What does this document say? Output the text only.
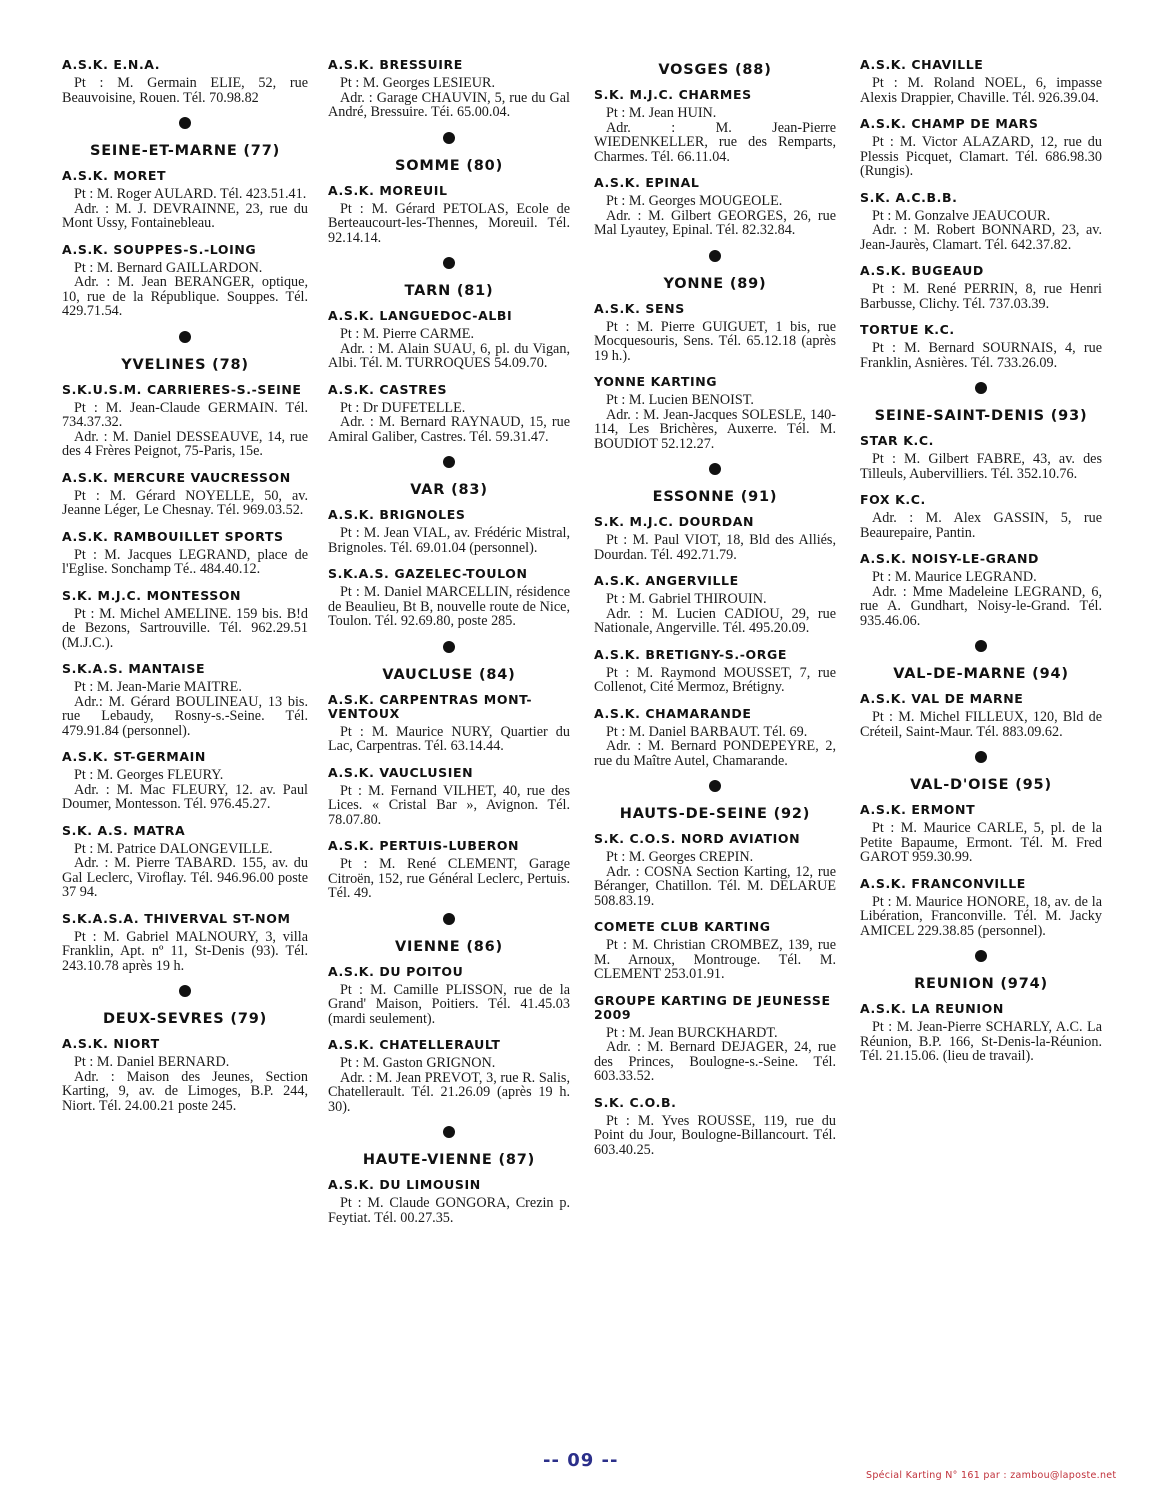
A.S.K. E.N.A.

Pt : M. Germain ELIE, 52, rue Beauvoisine, Rouen. Tél. 70.98.82

SEINE-ET-MARNE (77)
A.S.K. MORET

Pt : M. Roger AULARD. Tél. 423.51.41.

Adr. : M. J. DEVRAINNE, 23, rue du Mont Ussy, Fontainebleau.

A.S.K. SOUPPES-S.-LOING

Pt : M. Bernard GAILLARDON.

Adr. : M. Jean BERANGER, optique, 10, rue de la République. Souppes. Tél. 429.71.54.

YVELINES (78)
S.K.U.S.M. CARRIERES-S.-SEINE

Pt : M. Jean-Claude GERMAIN. Tél. 734.37.32.

Adr. : M. Daniel DESSEAUVE, 14, rue des 4 Frères Peignot, 75-Paris, 15e.

A.S.K. MERCURE VAUCRESSON

Pt : M. Gérard NOYELLE, 50, av. Jeanne Léger, Le Chesnay. Tél. 969.03.52.

A.S.K. RAMBOUILLET SPORTS

Pt : M. Jacques LEGRAND, place de l'Eglise. Sonchamp Té.. 484.40.12.

S.K. M.J.C. MONTESSON

Pt : M. Michel AMELINE. 159 bis. B!d de Bezons, Sartrouville. Tél. 962.29.51 (M.J.C.).

S.K.A.S. MANTAISE

Pt : M. Jean-Marie MAITRE.

Adr.: M. Gérard BOULINEAU, 13 bis. rue Lebaudy, Rosny-s.-Seine. Tél. 479.91.84 (personnel).

A.S.K. ST-GERMAIN

Pt : M. Georges FLEURY.

Adr. : M. Mac FLEURY, 12. av. Paul Doumer, Montesson. Tél. 976.45.27.

S.K. A.S. MATRA

Pt : M. Patrice DALONGEVILLE.

Adr. : M. Pierre TABARD. 155, av. du Gal Leclerc, Viroflay. Tél. 946.96.00 poste 37 94.

S.K.A.S.A. THIVERVAL ST-NOM

Pt : M. Gabriel MALNOURY, 3, villa Franklin, Apt. nº 11, St-Denis (93). Tél. 243.10.78 après 19 h.

DEUX-SEVRES (79)
A.S.K. NIORT

Pt : M. Daniel BERNARD.

Adr. : Maison des Jeunes, Section Karting, 9, av. de Limoges, B.P. 244, Niort. Tél. 24.00.21 poste 245.

A.S.K. BRESSUIRE

Pt : M. Georges LESIEUR.

Adr. : Garage CHAUVIN, 5, rue du Gal André, Bressuire. Téi. 65.00.04.

SOMME (80)
A.S.K. MOREUIL

Pt : M. Gérard PETOLAS, Ecole de Berteaucourt-les-Thennes, Moreuil. Tél. 92.14.14.

TARN (81)
A.S.K. LANGUEDOC-ALBI

Pt : M. Pierre CARME.

Adr. : M. Alain SUAU, 6, pl. du Vigan, Albi. Tél. M. TURROQUES 54.09.70.

A.S.K. CASTRES

Pt : Dr DUFETELLE.

Adr. : M. Bernard RAYNAUD, 15, rue Amiral Galiber, Castres. Tél. 59.31.47.

VAR (83)
A.S.K. BRIGNOLES

Pt : M. Jean VIAL, av. Frédéric Mistral, Brignoles. Tél. 69.01.04 (personnel).

S.K.A.S. GAZELEC-TOULON

Pt : M. Daniel MARCELLIN, résidence de Beaulieu, Bt B, nouvelle route de Nice, Toulon. Tél. 92.69.80, poste 285.

VAUCLUSE (84)
A.S.K. CARPENTRAS MONT-VENTOUX

Pt : M. Maurice NURY, Quartier du Lac, Carpentras. Tél. 63.14.44.

A.S.K. VAUCLUSIEN

Pt : M. Fernand VILHET, 40, rue des Lices. « Cristal Bar », Avignon. Tél. 78.07.80.

A.S.K. PERTUIS-LUBERON

Pt : M. René CLEMENT, Garage Citroën, 152, rue Général Leclerc, Pertuis. Tél. 49.

VIENNE (86)
A.S.K. DU POITOU

Pt : M. Camille PLISSON, rue de la Grand' Maison, Poitiers. Tél. 41.45.03 (mardi seulement).

A.S.K. CHATELLERAULT

Pt : M. Gaston GRIGNON.

Adr. : M. Jean PREVOT, 3, rue R. Salis, Chatellerault. Tél. 21.26.09 (après 19 h. 30).

HAUTE-VIENNE (87)
A.S.K. DU LIMOUSIN

Pt : M. Claude GONGORA, Crezin p. Feytiat. Tél. 00.27.35.

VOSGES (88)
S.K. M.J.C. CHARMES

Pt : M. Jean HUIN.

Adr. : M. Jean-Pierre WIEDENKELLER, rue des Remparts, Charmes. Tél. 66.11.04.

A.S.K. EPINAL

Pt : M. Georges MOUGEOLE.

Adr. : M. Gilbert GEORGES, 26, rue Mal Lyautey, Epinal. Tél. 82.32.84.

YONNE (89)
A.S.K. SENS

Pt : M. Pierre GUIGUET, 1 bis, rue Mocquesouris, Sens. Tél. 65.12.18 (après 19 h.).

YONNE KARTING

Pt : M. Lucien BENOIST.

Adr. : M. Jean-Jacques SOLESLE, 140-114, Les Brichères, Auxerre. Tél. M. BOUDIOT 52.12.27.

ESSONNE (91)
S.K. M.J.C. DOURDAN

Pt : M. Paul VIOT, 18, Bld des Alliés, Dourdan. Tél. 492.71.79.

A.S.K. ANGERVILLE

Pt : M. Gabriel THIROUIN.

Adr. : M. Lucien CADIOU, 29, rue Nationale, Angerville. Tél. 495.20.09.

A.S.K. BRETIGNY-S.-ORGE

Pt : M. Raymond MOUSSET, 7, rue Collenot, Cité Mermoz, Brétigny.

A.S.K. CHAMARANDE

Pt : M. Daniel BARBAUT. Tél. 69.

Adr. : M. Bernard PONDEPEYRE, 2, rue du Maître Autel, Chamarande.

HAUTS-DE-SEINE (92)
S.K. C.O.S. NORD AVIATION

Pt : M. Georges CREPIN.

Adr. : COSNA Section Karting, 12, rue Béranger, Chatillon. Tél. M. DELARUE 508.83.19.

COMETE CLUB KARTING

Pt : M. Christian CROMBEZ, 139, rue M. Arnoux, Montrouge. Tél. M. CLEMENT 253.01.91.

GROUPE KARTING DE JEUNESSE 2009

Pt : M. Jean BURCKHARDT.

Adr. : M. Bernard DEJAGER, 24, rue des Princes, Boulogne-s.-Seine. Tél. 603.33.52.

S.K. C.O.B.

Pt : M. Yves ROUSSE, 119, rue du Point du Jour, Boulogne-Billancourt. Tél. 603.40.25.

A.S.K. CHAVILLE

Pt : M. Roland NOEL, 6, impasse Alexis Drappier, Chaville. Tél. 926.39.04.

A.S.K. CHAMP DE MARS

Pt : M. Victor ALAZARD, 12, rue du Plessis Picquet, Clamart. Tél. 686.98.30 (Rungis).

S.K. A.C.B.B.

Pt : M. Gonzalve JEAUCOUR.

Adr. : M. Robert BONNARD, 23, av. Jean-Jaurès, Clamart. Tél. 642.37.82.

A.S.K. BUGEAUD

Pt : M. René PERRIN, 8, rue Henri Barbusse, Clichy. Tél. 737.03.39.

TORTUE K.C.

Pt : M. Bernard SOURNAIS, 4, rue Franklin, Asnières. Tél. 733.26.09.

SEINE-SAINT-DENIS (93)
STAR K.C.

Pt : M. Gilbert FABRE, 43, av. des Tilleuls, Aubervilliers. Tél. 352.10.76.

FOX K.C.

Adr. : M. Alex GASSIN, 5, rue Beaurepaire, Pantin.

A.S.K. NOISY-LE-GRAND

Pt : M. Maurice LEGRAND.

Adr. : Mme Madeleine LEGRAND, 6, rue A. Gundhart, Noisy-le-Grand. Tél. 935.46.06.

VAL-DE-MARNE (94)
A.S.K. VAL DE MARNE

Pt : M. Michel FILLEUX, 120, Bld de Créteil, Saint-Maur. Tél. 883.09.62.

VAL-D'OISE (95)
A.S.K. ERMONT

Pt : M. Maurice CARLE, 5, pl. de la Petite Bapaume, Ermont. Tél. M. Fred GAROT 959.30.99.

A.S.K. FRANCONVILLE

Pt : M. Maurice HONORE, 18, av. de la Libération, Franconville. Tél. M. Jacky AMICEL 229.38.85 (personnel).

REUNION (974)
A.S.K. LA REUNION

Pt : M. Jean-Pierre SCHARLY, A.C. La Réunion, B.P. 166, St-Denis-la-Réunion. Tél. 21.15.06. (lieu de travail).

-- 09 --
Spécial Karting N° 161 par : zambou@laposte.net
